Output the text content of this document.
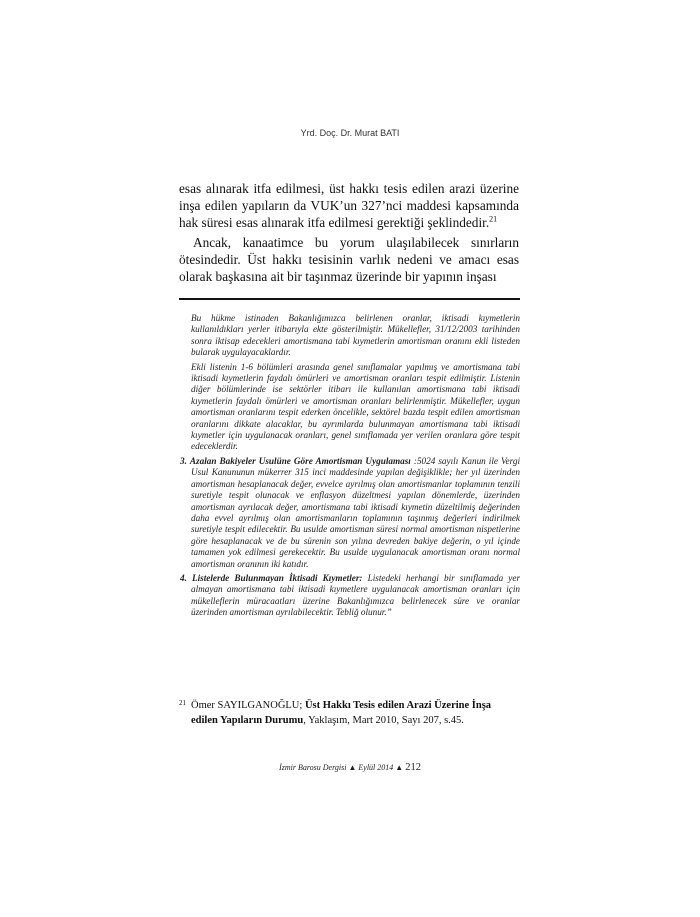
Yrd. Doç. Dr. Murat BATI
esas alınarak itfa edilmesi, üst hakkı tesis edilen arazi üzerine inşa edilen yapıların da VUK’un 327’nci maddesi kapsamında hak süresi esas alınarak itfa edilmesi gerektiği şeklindedir.$^{21}$
Ancak, kanaatimce bu yorum ulaşılabilecek sınırların ötesindedir. Üst hakkı tesisinin varlık nedeni ve amacı esas olarak başkasına ait bir taşınmaz üzerinde bir yapının inşası
Bu hükme istinaden Bakanlığımızca belirlenen oranlar, iktisadi kıymetlerin kullanıldıkları yerler itibarıyla ekte gösterilmiştir. Mükellefler, 31/12/2003 tarihinden sonra iktisap edecekleri amortismana tabi kıymetlerin amortisman oranını ekli listeden bularak uygulayacaklardır.
Ekli listenin 1-6 bölümleri arasında genel sınıflamalar yapılmış ve amortismana tabi iktisadi kıymetlerin faydalı ömürleri ve amortisman oranları tespit edilmiştir. Listenin diğer bölümlerinde ise sektörler itibarı ile kullanılan amortismana tabi iktisadi kıymetlerin faydalı ömürleri ve amortisman oranları belirlenmiştir. Mükellefler, uygun amortisman oranlarını tespit ederken öncelikle, sektörel bazda tespit edilen amortisman oranlarını dikkate alacaklar, bu ayrımlarda bulunmayan amortismana tabi iktisadi kıymetler için uygulanacak oranları, genel sınıflamada yer verilen oranlara göre tespit edeceklerdir.
3. Azalan Bakiyeler Usulüne Göre Amortisman Uygulaması :5024 sayılı Kanun ile Vergi Usul Kanununun mükerrer 315 inci maddesinde yapılan değişiklikle; her yıl üzerinden amortisman hesaplanacak değer, evvelce ayrılmış olan amortismanlar toplamının tenzili suretiyle tespit olunacak ve enflasyon düzeltmesi yapılan dönemlerde, üzerinden amortisman ayrılacak değer, amortismana tabi iktisadi kıymetin düzeltilmiş değerinden daha evvel ayrılmış olan amortismanların toplamının taşınmış değerleri indirilmek suretiyle tespit edilecektir. Bu usulde amortisman süresi normal amortisman nispetlerine göre hesaplanacak ve de bu sürenin son yılına devreden bakiye değerin, o yıl içinde tamamen yok edilmesi gerekecektir. Bu usulde uygulanacak amortisman oranı normal amortisman oranının iki katıdır.
4. Listelerde Bulunmayan İktisadi Kıymetler: Listedeki herhangi bir sınıflamada yer almayan amortismana tabi iktisadi kıymetlere uygulanacak amortisman oranları için mükelleflerin müracaatları üzerine Bakanlığımızca belirlenecek süre ve oranlar üzerinden amortisman ayrılabilecektir. Tebliğ olunur.”
21 Ömer SAYILGANOĞLU; Üst Hakkı Tesis edilen Arazi Üzerine İnşa edilen Yapıların Durumu, Yaklaşım, Mart 2010, Sayı 207, s.45.
İzmir Barosu Dergisi ▲ Eylül 2014 ▲ 212
